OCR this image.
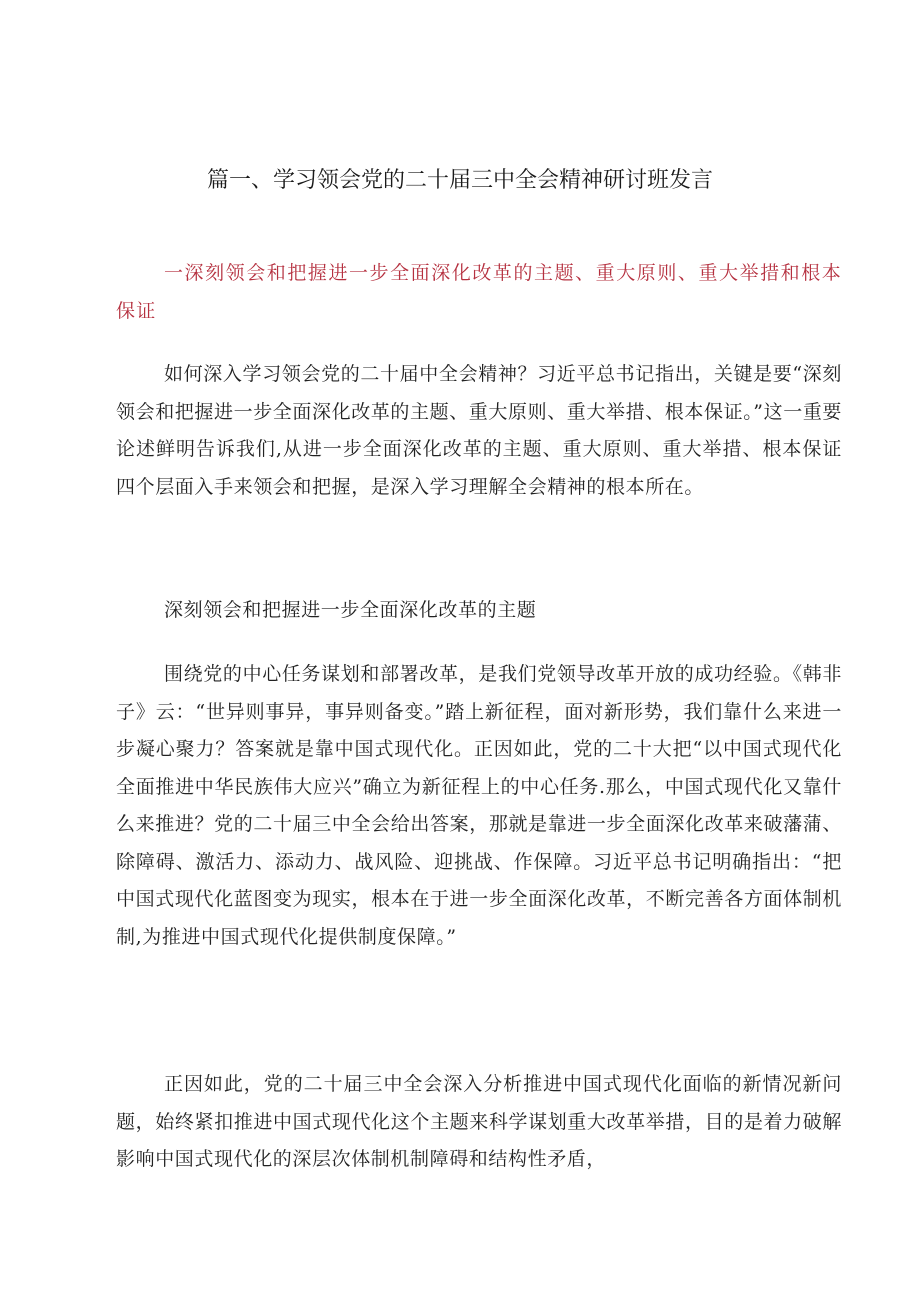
篇一、学习领会党的二十届三中全会精神研讨班发言

一深刻领会和把握进一步全面深化改革的主题、重大原则、重大举措和根本保证

如何深入学习领会党的二十届中全会精神？习近平总书记指出，关键是要“深刻领会和把握进一步全面深化改革的主题、重大原则、重大举措、根本保证。”这一重要论述鲜明告诉我们,从进一步全面深化改革的主题、重大原则、重大举措、根本保证四个层面入手来领会和把握，是深入学习理解全会精神的根本所在。

深刻领会和把握进一步全面深化改革的主题

围绕党的中心任务谋划和部署改革，是我们党领导改革开放的成功经验。《韩非子》云：“世异则事异，事异则备变。”踏上新征程，面对新形势，我们靠什么来进一步凝心聚力？答案就是靠中国式现代化。正因如此，党的二十大把“以中国式现代化全面推进中华民族伟大应兴”确立为新征程上的中心任务.那么，中国式现代化又靠什么来推进？党的二十届三中全会给出答案，那就是靠进一步全面深化改革来破藩蒲、除障碍、激活力、添动力、战风险、迎挑战、作保障。习近平总书记明确指出：“把中国式现代化蓝图变为现实，根本在于进一步全面深化改革，不断完善各方面体制机制,为推进中国式现代化提供制度保障。”

正因如此，党的二十届三中全会深入分析推进中国式现代化面临的新情况新问题，始终紧扣推进中国式现代化这个主题来科学谋划重大改革举措，目的是着力破解影响中国式现代化的深层次体制机制障碍和结构性矛盾，
